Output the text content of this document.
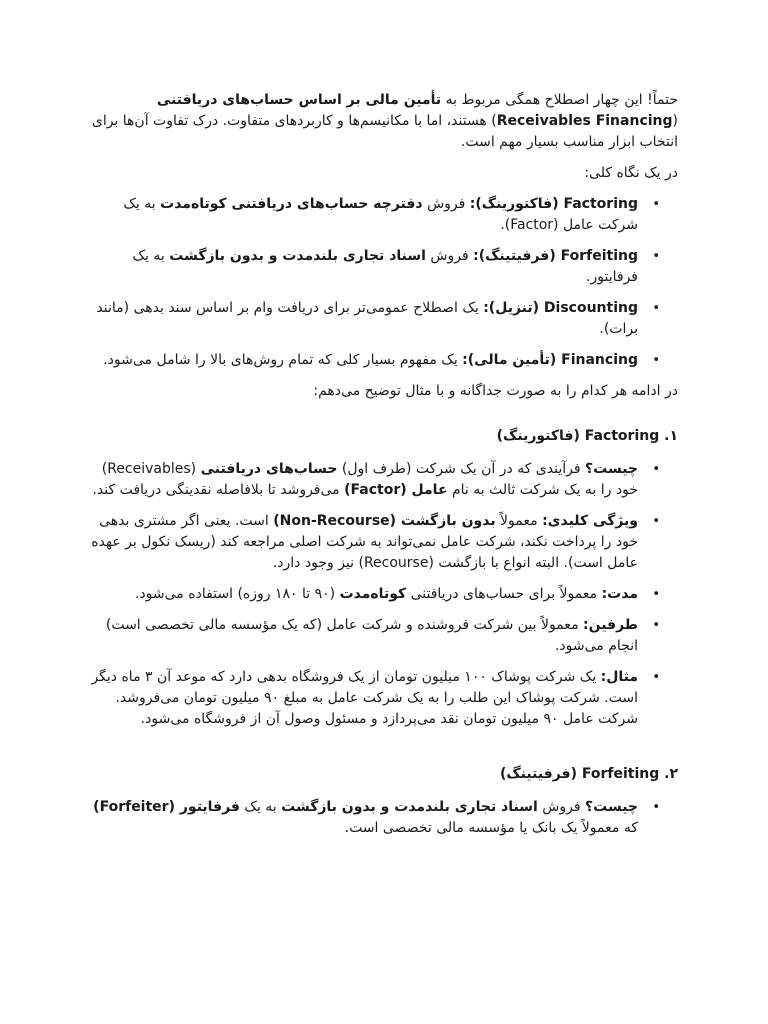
حتماً! این چهار اصطلاح همگی مربوط به تأمین مالی بر اساس حساب‌های دریافتنی (Receivables Financing) هستند، اما با مکانیسم‌ها و کاربردهای متفاوت. درک تفاوت آن‌ها برای انتخاب ابزار مناسب بسیار مهم است.

در یک نگاه کلی:

• Factoring (فاکتورینگ): فروش دفترچه حساب‌های دریافتنی کوتاه‌مدت به یک شرکت عامل (Factor).
• Forfeiting (فرفیتینگ): فروش اسناد تجاری بلندمدت و بدون بازگشت به یک فرفایتور.
• Discounting (تنزیل): یک اصطلاح عمومی‌تر برای دریافت وام بر اساس سند بدهی (مانند برات).
• Financing (تأمین مالی): یک مفهوم بسیار کلی که تمام روش‌های بالا را شامل می‌شود.

در ادامه هر کدام را به صورت جداگانه و با مثال توضیح می‌دهم:

۱. Factoring (فاکتورینگ)
• چیست؟ فرآیندی که در آن یک شرکت (طرف اول) حساب‌های دریافتنی (Receivables) خود را به یک شرکت ثالث به نام عامل (Factor) می‌فروشد تا بلافاصله نقدینگی دریافت کند.
• ویژگی کلیدی: معمولاً بدون بازگشت (Non-Recourse) است. یعنی اگر مشتری بدهی خود را پرداخت نکند، شرکت عامل نمی‌تواند به شرکت اصلی مراجعه کند (ریسک نکول بر عهده عامل است). البته انواع با بازگشت (Recourse) نیز وجود دارد.
• مدت: معمولاً برای حساب‌های دریافتنی کوتاه‌مدت (۹۰ تا ۱۸۰ روزه) استفاده می‌شود.
• طرفین: معمولاً بین شرکت فروشنده و شرکت عامل (که یک مؤسسه مالی تخصصی است) انجام می‌شود.
• مثال: یک شرکت پوشاک ۱۰۰ میلیون تومان از یک فروشگاه بدهی دارد که موعد آن ۳ ماه دیگر است. شرکت پوشاک این طلب را به یک شرکت عامل به مبلغ ۹۰ میلیون تومان می‌فروشد. شرکت عامل ۹۰ میلیون تومان نقد می‌پردازد و مسئول وصول آن از فروشگاه می‌شود.
۲. Forfeiting (فرفیتینگ)
• چیست؟ فروش اسناد تجاری بلندمدت و بدون بازگشت به یک فرفایتور (Forfeiter) که معمولاً یک بانک یا مؤسسه مالی تخصصی است.
